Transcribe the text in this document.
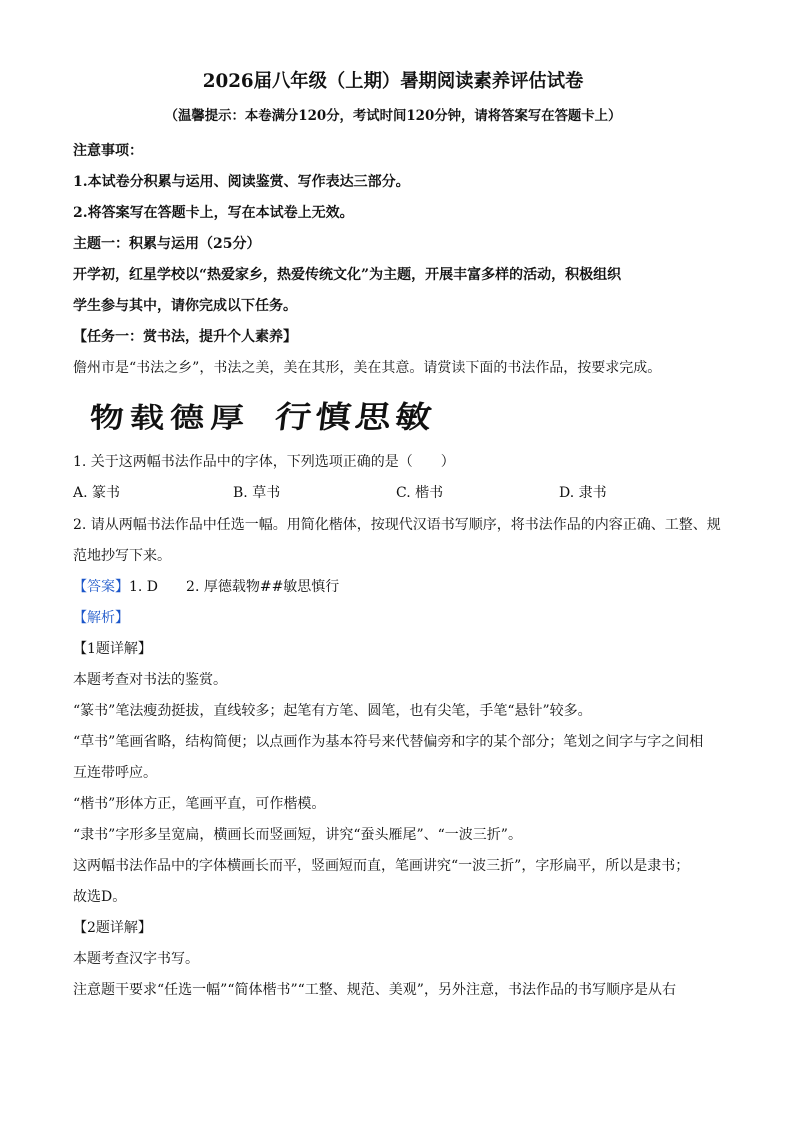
2026届八年级（上期）暑期阅读素养评估试卷
（温馨提示：本卷满分120分，考试时间120分钟，请将答案写在答题卡上）
注意事项：
1.本试卷分积累与运用、阅读鉴赏、写作表达三部分。
2.将答案写在答题卡上，写在本试卷上无效。
主题一：积累与运用（25分）
开学初，红星学校以“热爱家乡，热爱传统文化”为主题，开展丰富多样的活动，积极组织
学生参与其中，请你完成以下任务。
【任务一：赏书法，提升个人素养】
儋州市是“书法之乡”，书法之美，美在其形，美在其意。请赏读下面的书法作品，按要求完成。
物载德厚 行慎思敏
1. 关于这两幅书法作品中的字体，下列选项正确的是（　　）
A. 篆书	B. 草书	C. 楷书	D. 隶书
2. 请从两幅书法作品中任选一幅。用简化楷体，按现代汉语书写顺序，将书法作品的内容正确、工整、规
范地抄写下来。
【答案】1. D　　2. 厚德载物##敏思慎行
【解析】
【1题详解】
本题考查对书法的鉴赏。
“篆书”笔法瘦劲挺拔，直线较多；起笔有方笔、圆笔，也有尖笔，手笔“悬针”较多。
“草书”笔画省略，结构简便；以点画作为基本符号来代替偏旁和字的某个部分；笔划之间字与字之间相
互连带呼应。
“楷书”形体方正，笔画平直，可作楷模。
“隶书”字形多呈宽扁，横画长而竖画短，讲究“蚕头雁尾”、“一波三折”。
这两幅书法作品中的字体横画长而平，竖画短而直，笔画讲究“一波三折”，字形扁平，所以是隶书；
故选D。
【2题详解】
本题考查汉字书写。
注意题干要求“任选一幅”“简体楷书”“工整、规范、美观”，另外注意，书法作品的书写顺序是从右
